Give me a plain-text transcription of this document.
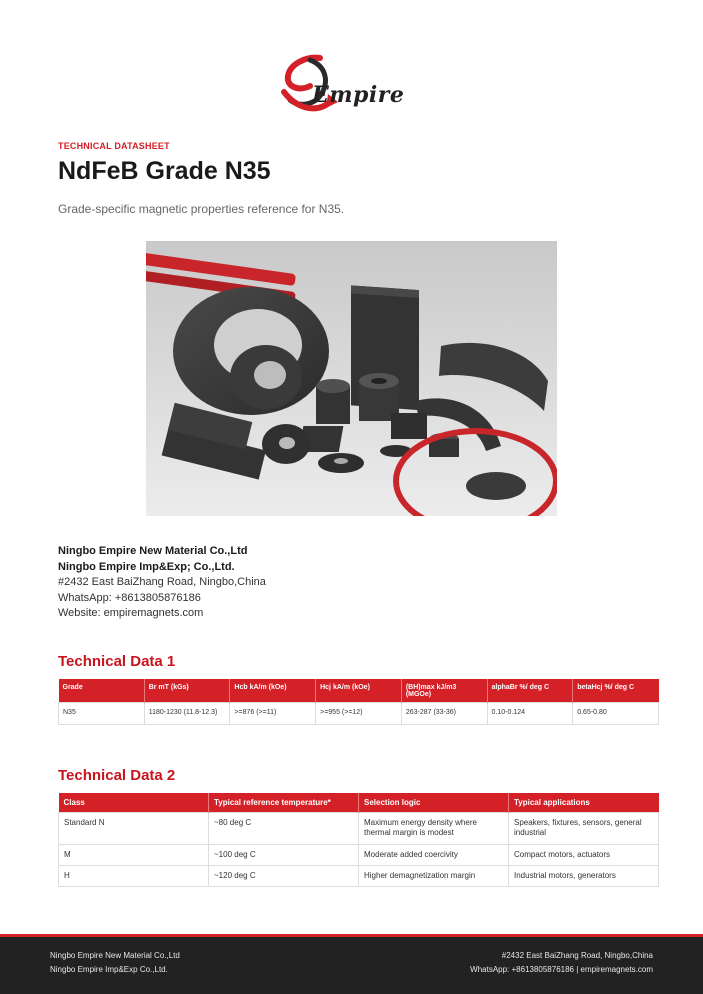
Empire
TECHNICAL DATASHEET
NdFeB Grade N35
Grade-specific magnetic properties reference for N35.
Ningbo Empire New Material Co.,Ltd
Ningbo Empire Imp&Exp; Co.,Ltd.
#2432 East BaiZhang Road, Ningbo,China
WhatsApp: +8613805876186
Website: empiremagnets.com
Technical Data 1
Grade	Br mT (kGs)	Hcb kA/m (kOe)	Hcj kA/m (kOe)	(BH)max kJ/m3 (MGOe)	alphaBr %/ deg C	betaHcj %/ deg C
N35	1180-1230 (11.8-12.3)	>=876 (>=11)	>=955 (>=12)	263-287 (33-36)	0.10-0.124	0.65-0.80
Technical Data 2
Class	Typical reference temperature*	Selection logic	Typical applications
Standard N	~80 deg C	Maximum energy density where thermal margin is modest	Speakers, fixtures, sensors, general industrial
M	~100 deg C	Moderate added coercivity	Compact motors, actuators
H	~120 deg C	Higher demagnetization margin	Industrial motors, generators
Ningbo Empire New Material Co.,Ltd
Ningbo Empire Imp&Exp Co.,Ltd.
#2432 East BaiZhang Road, Ningbo,China
WhatsApp: +8613805876186 | empiremagnets.com
